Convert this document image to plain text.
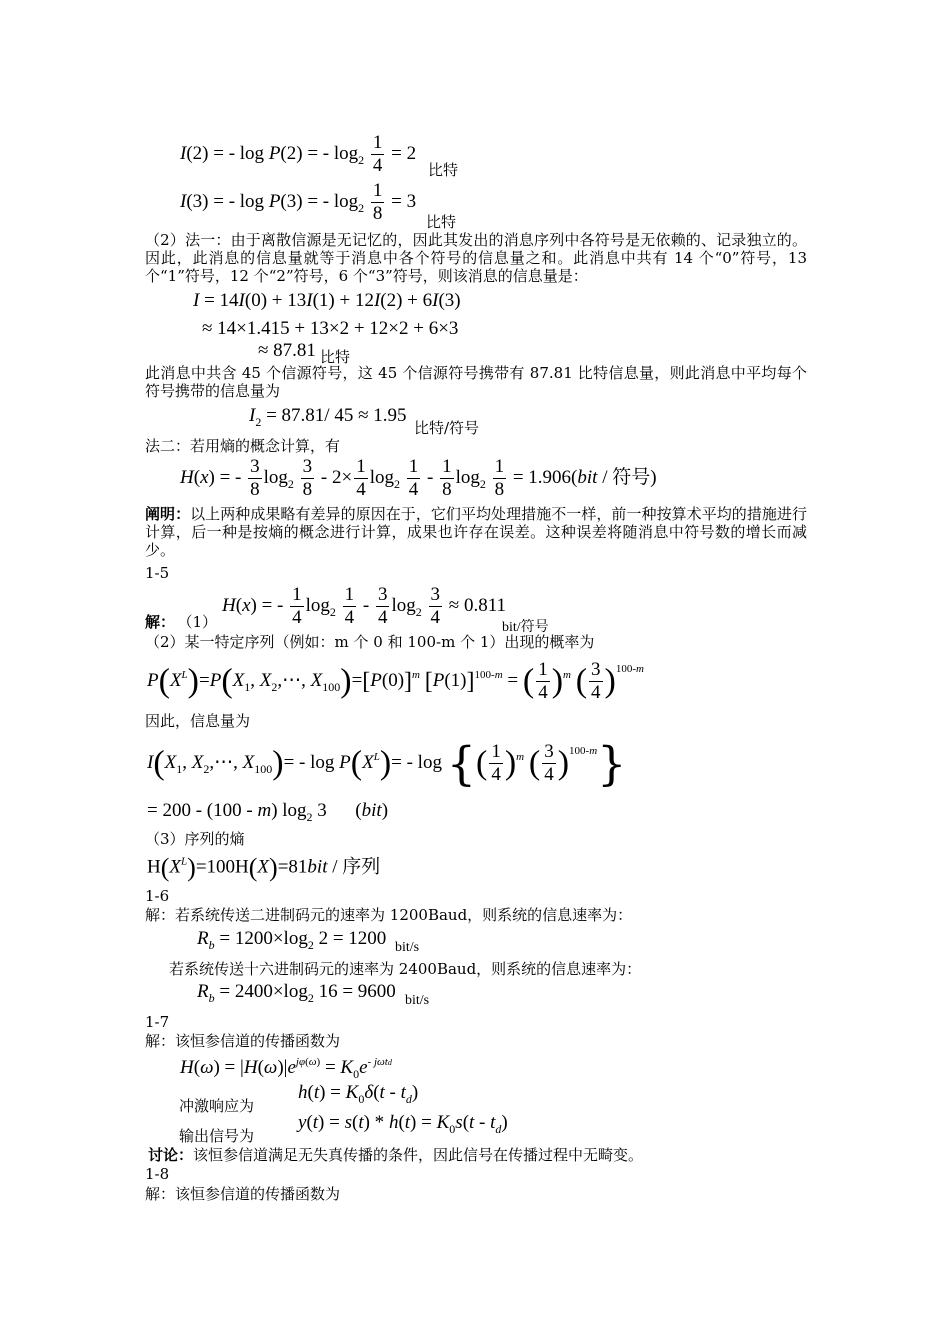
I(2) = - log P(2) = - $\log_2 \frac{1}{4} = 2$
比特
I(3) = - log P(3) = - $\log_2 \frac{1}{8} = 3$
比特
（2）法一：由于离散信源是无记忆的，因此其发出的消息序列中各符号是无依赖的、记录独立的。因此，此消息的信息量就等于消息中各个符号的信息量之和。此消息中共有 14 个“0”符号，13 个“1”符号，12 个“2”符号，6 个“3”符号，则该消息的信息量是：
I = 14I(0) + 13I(1) + 12I(2) + 6I(3)
≈ 14×1.415 + 13×2 + 12×2 + 6×3
≈ 87.81 比特
此消息中共含 45 个信源符号，这 45 个信源符号携带有 87.81 比特信息量，则此消息中平均每个符号携带的信息量为
$I_2 = 87.81/$ 45 ≈ 1.95
比特/符号
法二：若用熵的概念计算，有
H(x) = - $\frac{3}{8} \log_2 \frac{3}{8} - 2\times \frac{1}{4} \log_2 \frac{1}{4} - \frac{1}{8} \log_2 \frac{1}{8} = 1.906(bit$ / 符号)
阐明：以上两种成果略有差异的原因在于，它们平均处理措施不一样，前一种按算术平均的措施进行计算，后一种是按熵的概念进行计算，成果也许存在误差。这种误差将随消息中符号数的增长而减少。
1-5
H(x) = - $\frac{1}{4} \log_2 \frac{1}{4} - \frac{3}{4} \log_2 \frac{3}{4} \approx 0.811$
解： （1）	bit/符号
（2）某一特定序列（例如：m 个 0 和 100-m 个 1）出现的概率为
$P(X^L)=P(X_1$, $X_2,\cdots$, $X_{100})=[P(0)]^m$ $[P(1)]^{100-m}$ = ( $\frac{1}{4} )^m$ ( $\frac{3}{4} )^{100-m}$
因此，信息量为
$I(X_1$, $X_2,\cdots$, $X_{100})= - \log P(X^L)= - \log$ {( $\frac{1}{4} )^m$ ( $\frac{3}{4} )^{100-m}$}
= 200 - (100 - m) $\log_2 3$      (bit)
（3）序列的熵
$H(X^L)=100H(X)=81bit$ / 序列
1-6
解：若系统传送二进制码元的速率为 1200Baud，则系统的信息速率为：
$R_b = 1200\times\log_2$ 2 = 1200 bit/s
若系统传送十六进制码元的速率为 2400Baud，则系统的信息速率为：
$R_b = 2400\times\log_2$ 16 = 9600 bit/s
1-7
解：该恒参信道的传播函数为
$H(\omega) = |H(\omega)|e^{j\varphi(\omega)} = K_0e^{- j\omega td}$
冲激响应为
$h(t) = K_0\delta(t - t_d)$
输出信号为
$y(t) = s(t) * h(t) = K_0s(t - t_d)$
讨论：该恒参信道满足无失真传播的条件，因此信号在传播过程中无畸变。
1-8
解：该恒参信道的传播函数为
